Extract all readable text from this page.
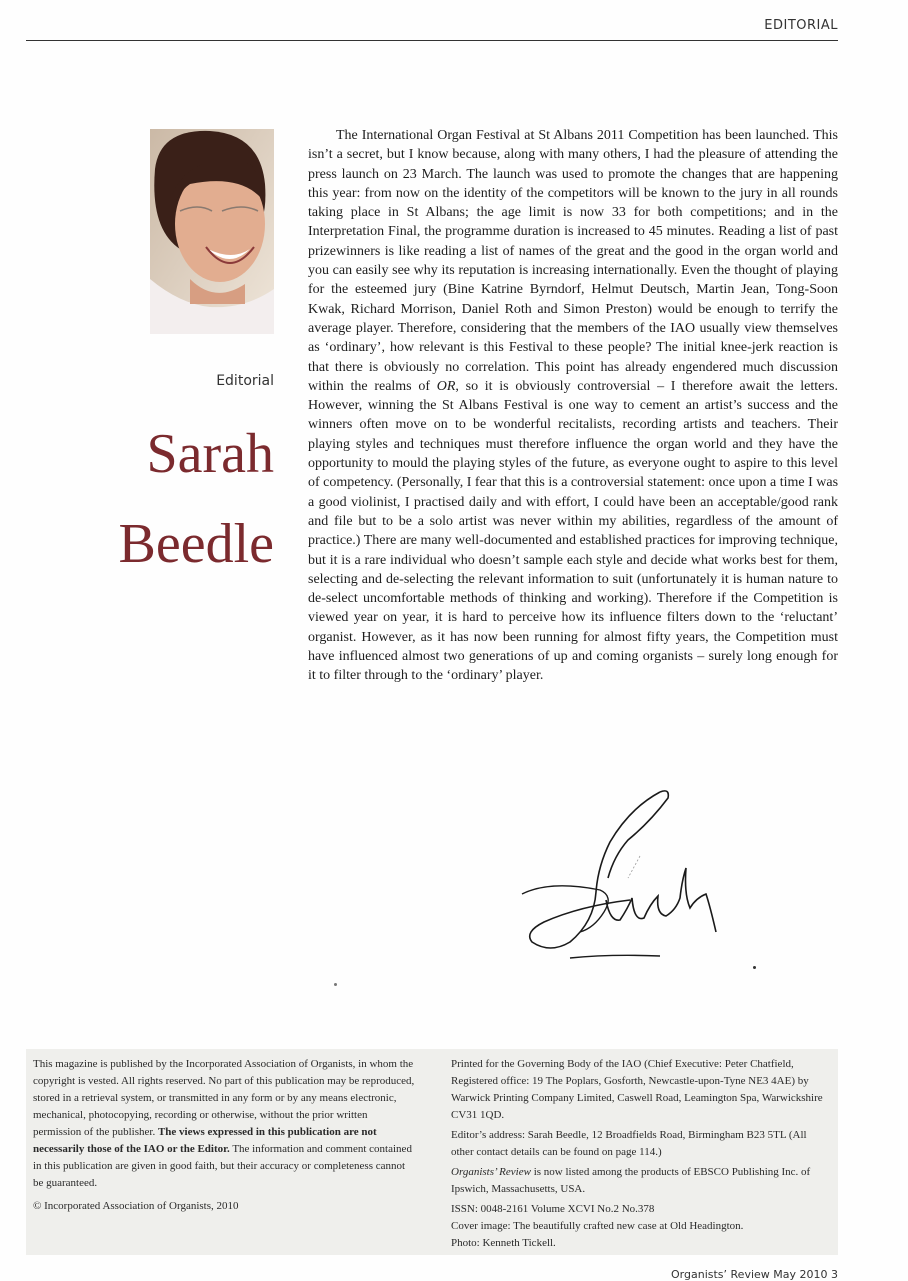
EDITORIAL
Editorial
Sarah
Beedle

The International Organ Festival at St Albans 2011 Competition has been launched. This isn’t a secret, but I know because, along with many others, I had the pleasure of attending the press launch on 23 March. The launch was used to promote the changes that are happening this year: from now on the identity of the competitors will be known to the jury in all rounds taking place in St Albans; the age limit is now 33 for both competitions; and in the Interpretation Final, the programme duration is increased to 45 minutes. Reading a list of past prizewinners is like reading a list of names of the great and the good in the organ world and you can easily see why its reputation is increasing internationally. Even the thought of playing for the esteemed jury (Bine Katrine Byrndorf, Helmut Deutsch, Martin Jean, Tong-Soon Kwak, Richard Morrison, Daniel Roth and Simon Preston) would be enough to terrify the average player. Therefore, considering that the members of the IAO usually view themselves as ‘ordinary’, how relevant is this Festival to these people? The initial knee-jerk reaction is that there is obviously no correlation. This point has already engendered much discussion within the realms of OR, so it is obviously controversial – I therefore await the letters. However, winning the St Albans Festival is one way to cement an artist’s success and the winners often move on to be wonderful recitalists, recording artists and teachers. Their playing styles and techniques must therefore influence the organ world and they have the opportunity to mould the playing styles of the future, as everyone ought to aspire to this level of competency. (Personally, I fear that this is a controversial statement: once upon a time I was a good violinist, I practised daily and with effort, I could have been an acceptable/good rank and file but to be a solo artist was never within my abilities, regardless of the amount of practice.) There are many well-documented and established practices for improving technique, but it is a rare individual who doesn’t sample each style and decide what works best for them, selecting and de-selecting the relevant information to suit (unfortunately it is human nature to de-select uncomfortable methods of thinking and working). Therefore if the Competition is viewed year on year, it is hard to perceive how its influence filters down to the ‘reluctant’ organist. However, as it has now been running for almost fifty years, the Competition must have influenced almost two generations of up and coming organists – surely long enough for it to filter through to the ‘ordinary’ player.

This magazine is published by the Incorporated Association of Organists, in whom the copyright is vested. All rights reserved. No part of this publication may be reproduced, stored in a retrieval system, or transmitted in any form or by any means electronic, mechanical, photocopying, recording or otherwise, without the prior written permission of the publisher. The views expressed in this publication are not necessarily those of the IAO or the Editor. The information and comment contained in this publication are given in good faith, but their accuracy or completeness cannot be guaranteed.

© Incorporated Association of Organists, 2010

Printed for the Governing Body of the IAO (Chief Executive: Peter Chatfield, Registered office: 19 The Poplars, Gosforth, Newcastle-upon-Tyne NE3 4AE) by Warwick Printing Company Limited, Caswell Road, Leamington Spa, Warwickshire CV31 1QD.

Editor’s address: Sarah Beedle, 12 Broadfields Road, Birmingham B23 5TL (All other contact details can be found on page 114.)

Organists’ Review is now listed among the products of EBSCO Publishing Inc. of Ipswich, Massachusetts, USA.

ISSN: 0048-2161 Volume XCVI No.2 No.378

Cover image: The beautifully crafted new case at Old Headington.

Photo: Kenneth Tickell.

Organists’ Review May 2010 3
